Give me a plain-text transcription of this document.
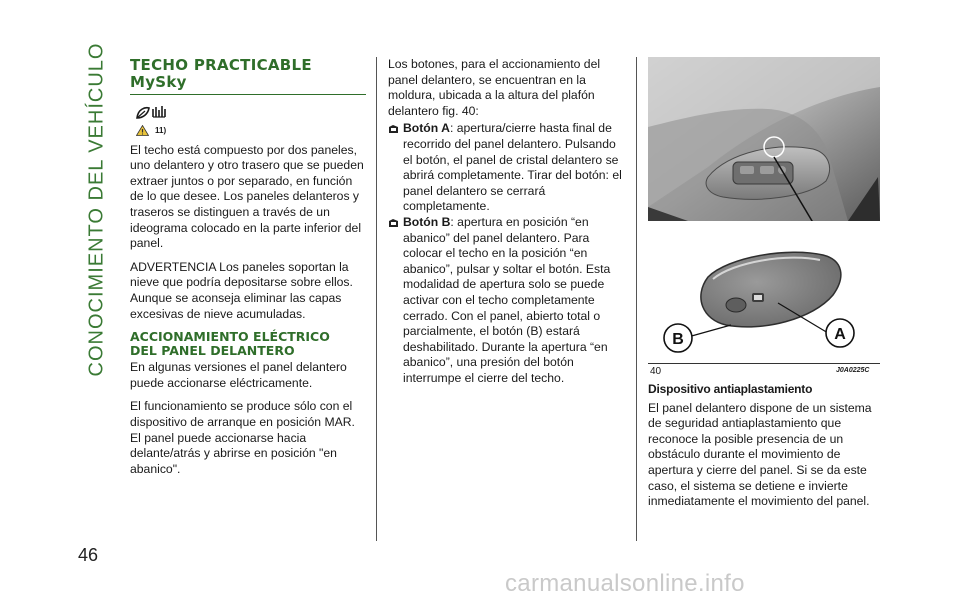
CONOCIMIENTO DEL VEHÍCULO
46
TECHO PRACTICABLE
MySky
11)

El techo está compuesto por dos paneles, uno delantero y otro trasero que se pueden extraer juntos o por separado, en función de lo que desee. Los paneles delanteros y traseros se distinguen a través de un ideograma colocado en la parte inferior del panel.

ADVERTENCIA Los paneles soportan la nieve que podría depositarse sobre ellos. Aunque se aconseja eliminar las capas excesivas de nieve acumuladas.

ACCIONAMIENTO ELÉCTRICO
DEL PANEL DELANTERO

En algunas versiones el panel delantero puede accionarse eléctricamente.

El funcionamiento se produce sólo con el dispositivo de arranque en posición MAR. El panel puede accionarse hacia delante/atrás y abrirse en posición "en abanico".

Los botones, para el accionamiento del panel delantero, se encuentran en la moldura, ubicada a la altura del plafón delantero fig. 40:

Botón A: apertura/cierre hasta final de recorrido del panel delantero. Pulsando el botón, el panel de cristal delantero se abrirá completamente. Tirar del botón: el panel delantero se cerrará completamente.
Botón B: apertura en posición “en abanico” del panel delantero. Para colocar el techo en la posición “en abanico”, pulsar y soltar el botón. Esta modalidad de apertura solo se puede activar con el techo completamente cerrado. Con el panel, abierto total o parcialmente, el botón (B) estará deshabilitado. Durante la apertura “en abanico”, una presión del botón interrumpe el cierre del techo.
B	A
40	J0A0225C
Dispositivo antiaplastamiento
El panel delantero dispone de un sistema de seguridad antiaplastamiento que reconoce la posible presencia de un obstáculo durante el movimiento de apertura y cierre del panel. Si se da este caso, el sistema se detiene e invierte inmediatamente el movimiento del panel.
carmanualsonline.info
